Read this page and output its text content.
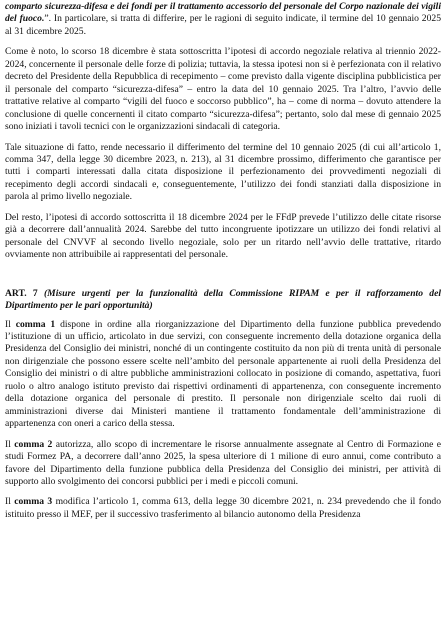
comparto sicurezza-difesa e dei fondi per il trattamento accessorio del personale del Corpo nazionale dei vigili del fuoco.”. In particolare, si tratta di differire, per le ragioni di seguito indicate, il termine del 10 gennaio 2025 al 31 dicembre 2025.

Come è noto, lo scorso 18 dicembre è stata sottoscritta l’ipotesi di accordo negoziale relativa al triennio 2022-2024, concernente il personale delle forze di polizia; tuttavia, la stessa ipotesi non si è perfezionata con il relativo decreto del Presidente della Repubblica di recepimento – come previsto dalla vigente disciplina pubblicistica per il personale del comparto “sicurezza-difesa” – entro la data del 10 gennaio 2025. Tra l’altro, l’avvio delle trattative relative al comparto “vigili del fuoco e soccorso pubblico”, ha – come di norma – dovuto attendere la conclusione di quelle concernenti il citato comparto “sicurezza-difesa”; pertanto, solo dal mese di gennaio 2025 sono iniziati i tavoli tecnici con le organizzazioni sindacali di categoria.

Tale situazione di fatto, rende necessario il differimento del termine del 10 gennaio 2025 (di cui all’articolo 1, comma 347, della legge 30 dicembre 2023, n. 213), al 31 dicembre prossimo, differimento che garantisce per tutti i comparti interessati dalla citata disposizione il perfezionamento dei provvedimenti negoziali di recepimento degli accordi sindacali e, conseguentemente, l’utilizzo dei fondi stanziati dalla disposizione in parola al primo livello negoziale.

Del resto, l’ipotesi di accordo sottoscritta il 18 dicembre 2024 per le FFdP prevede l’utilizzo delle citate risorse già a decorrere dall’annualità 2024. Sarebbe del tutto incongruente ipotizzare un utilizzo dei fondi relativi al personale del CNVVF al secondo livello negoziale, solo per un ritardo nell’avvio delle trattative, ritardo ovviamente non attribuibile ai rappresentati del personale.

ART. 7 (Misure urgenti per la funzionalità della Commissione RIPAM e per il rafforzamento del Dipartimento per le pari opportunità)

Il comma 1 dispone in ordine alla riorganizzazione del Dipartimento della funzione pubblica prevedendo l’istituzione di un ufficio, articolato in due servizi, con conseguente incremento della dotazione organica della Presidenza del Consiglio dei ministri, nonché di un contingente costituito da non più di trenta unità di personale non dirigenziale che possono essere scelte nell’ambito del personale appartenente ai ruoli della Presidenza del Consiglio dei ministri o di altre pubbliche amministrazioni collocato in posizione di comando, aspettativa, fuori ruolo o altro analogo istituto previsto dai rispettivi ordinamenti di appartenenza, con conseguente incremento della dotazione organica del personale di prestito. Il personale non dirigenziale scelto dai ruoli di amministrazioni diverse dai Ministeri mantiene il trattamento fondamentale dell’amministrazione di appartenenza con oneri a carico della stessa.

Il comma 2 autorizza, allo scopo di incrementare le risorse annualmente assegnate al Centro di Formazione e studi Formez PA, a decorrere dall’anno 2025, la spesa ulteriore di 1 milione di euro annui, come contributo a favore del Dipartimento della funzione pubblica della Presidenza del Consiglio dei ministri, per attività di supporto allo svolgimento dei concorsi pubblici per i medi e piccoli comuni.

Il comma 3 modifica l’articolo 1, comma 613, della legge 30 dicembre 2021, n. 234 prevedendo che il fondo istituito presso il MEF, per il successivo trasferimento al bilancio autonomo della Presidenza
